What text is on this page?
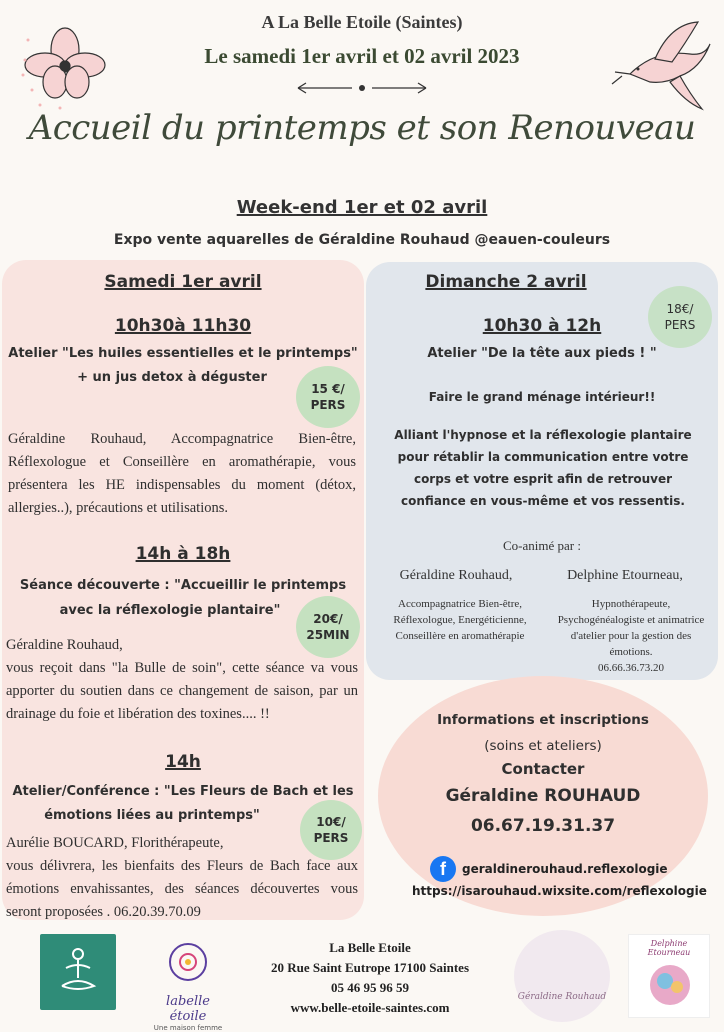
A La Belle Etoile (Saintes)
Le samedi 1er avril et 02 avril 2023
Accueil du printemps et son Renouveau
Week-end 1er et 02 avril
Expo vente aquarelles de Géraldine Rouhaud @eauen-couleurs
Samedi 1er avril
10h30à 11h30
Atelier "Les huiles essentielles et le printemps"
+ un jus detox à déguster
15 €/ PERS
Géraldine Rouhaud, Accompagnatrice Bien-être, Réflexologue et Conseillère en aromathérapie, vous présentera les HE indispensables du moment (détox, allergies..), précautions et utilisations.
14h à 18h
Séance découverte : "Accueillir le printemps
avec la réflexologie plantaire"
20€/ 25MIN
Géraldine Rouhaud,
vous reçoit dans "la Bulle de soin", cette séance va vous apporter du soutien dans ce changement de saison, par un drainage du foie et libération des toxines.... !!
14h
Atelier/Conférence : "Les Fleurs de Bach et les
émotions liées au printemps"	10€/ PERS
Aurélie BOUCARD, Florithérapeute,
vous délivrera, les bienfaits des Fleurs de Bach face aux émotions envahissantes, des séances découvertes vous seront proposées . 06.20.39.70.09
Dimanche 2 avril
18€/ PERS
10h30 à 12h
Atelier "De la tête aux pieds ! "
Faire le grand ménage intérieur!!
Alliant l'hypnose et la réflexologie plantaire pour rétablir la communication entre votre corps et votre esprit afin de retrouver confiance en vous-même et vos ressentis.
Co-animé par :
Géraldine Rouhaud,	Delphine Etourneau,
Accompagnatrice Bien-être, Réflexologue, Energéticienne, Conseillère en aromathérapie
Hypnothérapeute, Psychogénéalogiste et animatrice d'atelier pour la gestion des émotions.
06.66.36.73.20
Informations et inscriptions
(soins et ateliers)
Contacter
Géraldine ROUHAUD
06.67.19.31.37
f	geraldinerouhaud.reflexologie
https://isarouhaud.wixsite.com/reflexologie
labelle étoile
Une maison femme
La Belle Etoile
20 Rue Saint Eutrope 17100 Saintes
05 46 95 96 59
www.belle-etoile-saintes.com
Géraldine Rouhaud
Delphine Etourneau
